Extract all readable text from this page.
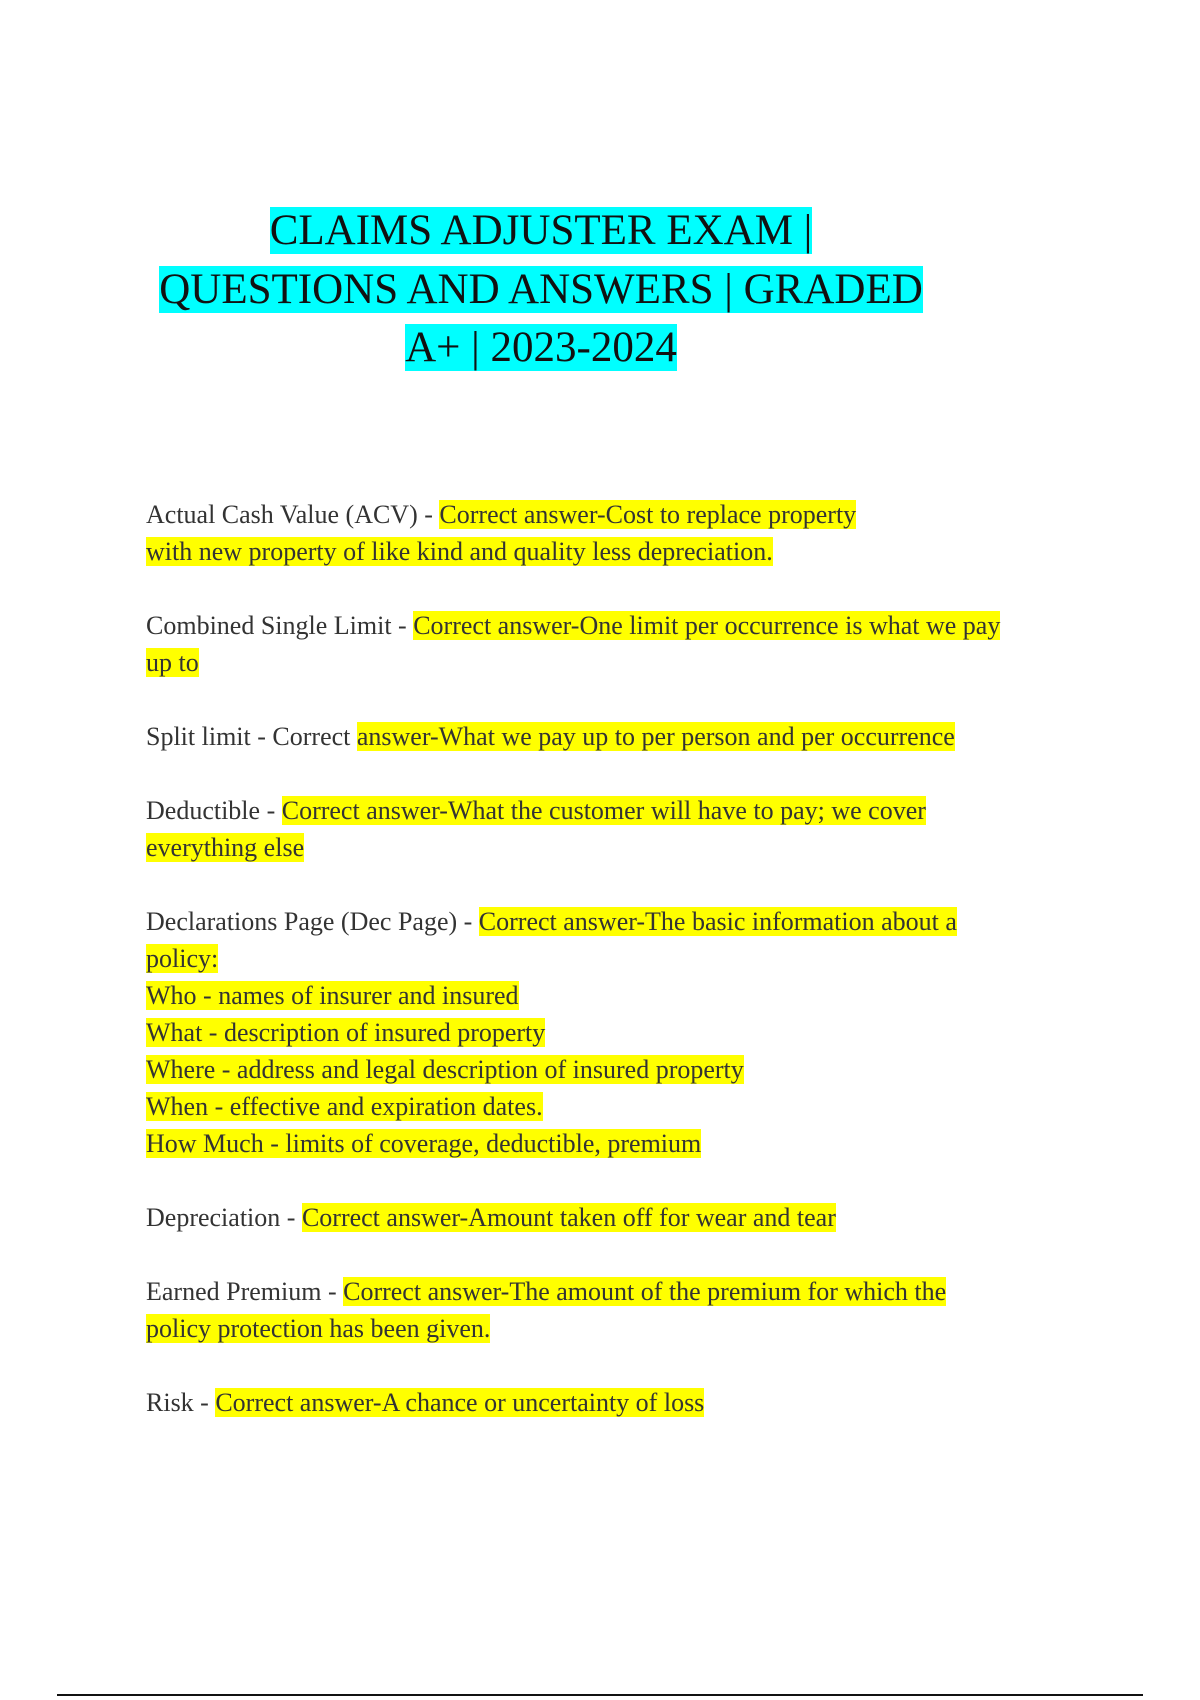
CLAIMS ADJUSTER EXAM |
QUESTIONS AND ANSWERS | GRADED
A+ | 2023-2024
Actual Cash Value (ACV) - Correct answer-Cost to replace property
with new property of like kind and quality less depreciation.
Combined Single Limit - Correct answer-One limit per occurrence is what we pay
up to
Split limit - Correct answer-What we pay up to per person and per occurrence
Deductible - Correct answer-What the customer will have to pay; we cover
everything else
Declarations Page (Dec Page) - Correct answer-The basic information about a
policy:
Who - names of insurer and insured
What - description of insured property
Where - address and legal description of insured property
When - effective and expiration dates.
How Much - limits of coverage, deductible, premium
Depreciation - Correct answer-Amount taken off for wear and tear
Earned Premium - Correct answer-The amount of the premium for which the
policy protection has been given.
Risk - Correct answer-A chance or uncertainty of loss
